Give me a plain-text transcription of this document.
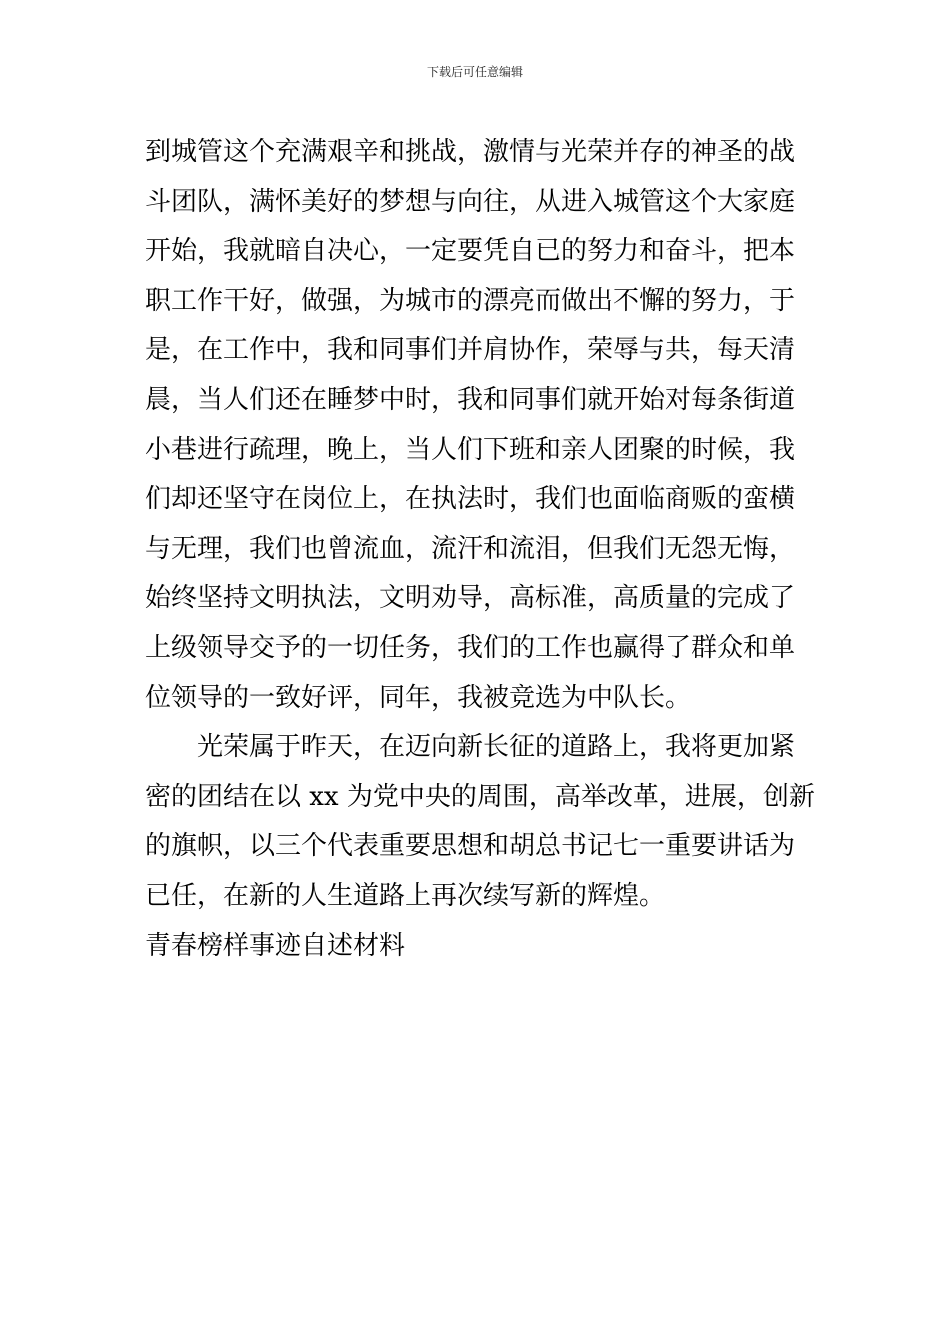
下载后可任意编辑
到城管这个充满艰辛和挑战，激情与光荣并存的神圣的战
斗团队，满怀美好的梦想与向往，从进入城管这个大家庭
开始，我就暗自决心，一定要凭自已的努力和奋斗，把本
职工作干好，做强，为城市的漂亮而做出不懈的努力，于
是，在工作中，我和同事们并肩协作，荣辱与共，每天清
晨，当人们还在睡梦中时，我和同事们就开始对每条街道
小巷进行疏理，晚上，当人们下班和亲人团聚的时候，我
们却还坚守在岗位上，在执法时，我们也面临商贩的蛮横
与无理，我们也曾流血，流汗和流泪，但我们无怨无悔，
始终坚持文明执法，文明劝导，高标准，高质量的完成了
上级领导交予的一切任务，我们的工作也赢得了群众和单
位领导的一致好评，同年，我被竞选为中队长。
光荣属于昨天，在迈向新长征的道路上，我将更加紧
密的团结在以 xx 为党中央的周围，高举改革，进展，创新
的旗帜，以三个代表重要思想和胡总书记七一重要讲话为
已任，在新的人生道路上再次续写新的辉煌。
青春榜样事迹自述材料
